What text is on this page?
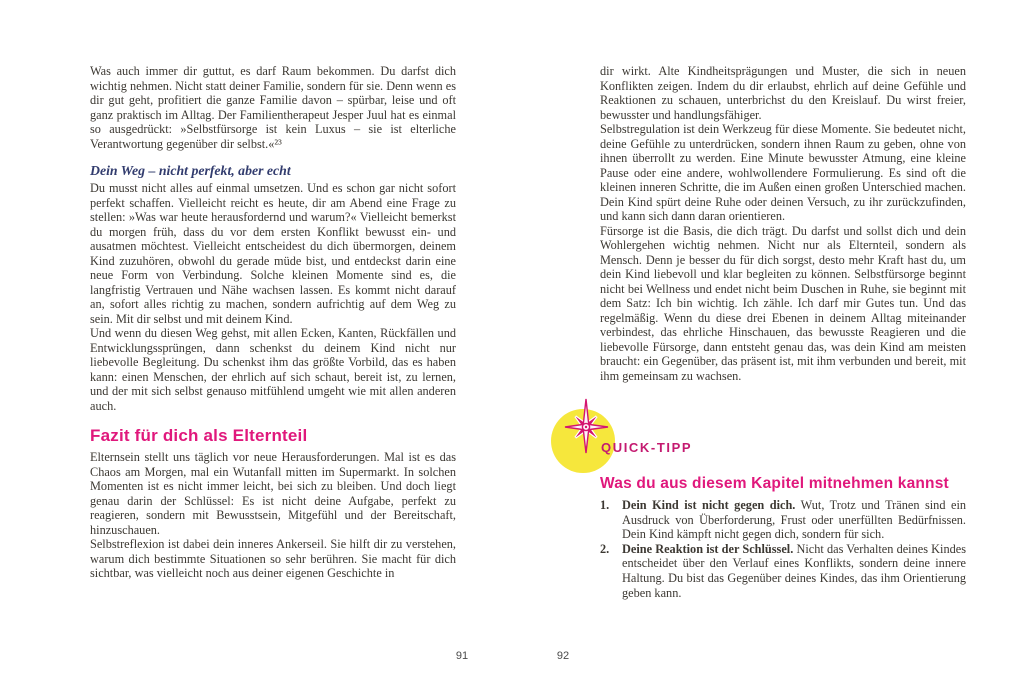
Was auch immer dir guttut, es darf Raum bekommen. Du darfst dich wichtig nehmen. Nicht statt deiner Familie, sondern für sie. Denn wenn es dir gut geht, profitiert die ganze Familie davon – spürbar, leise und oft ganz praktisch im Alltag. Der Familientherapeut Jesper Juul hat es einmal so ausgedrückt: »Selbstfürsorge ist kein Luxus – sie ist elterliche Verantwortung gegenüber dir selbst.«²³

Dein Weg – nicht perfekt, aber echt

Du musst nicht alles auf einmal umsetzen. Und es schon gar nicht sofort perfekt schaffen. Vielleicht reicht es heute, dir am Abend eine Frage zu stellen: »Was war heute herausfordernd und warum?« Vielleicht bemerkst du morgen früh, dass du vor dem ersten Konflikt bewusst ein- und ausatmen möchtest. Vielleicht entscheidest du dich übermorgen, deinem Kind zuzuhören, obwohl du gerade müde bist, und entdeckst darin eine neue Form von Verbindung. Solche kleinen Momente sind es, die langfristig Vertrauen und Nähe wachsen lassen. Es kommt nicht darauf an, sofort alles richtig zu machen, sondern aufrichtig auf dem Weg zu sein. Mit dir selbst und mit deinem Kind.

Und wenn du diesen Weg gehst, mit allen Ecken, Kanten, Rückfällen und Entwicklungssprüngen, dann schenkst du deinem Kind nicht nur liebevolle Begleitung. Du schenkst ihm das größte Vorbild, das es haben kann: einen Menschen, der ehrlich auf sich schaut, bereit ist, zu lernen, und der mit sich selbst genauso mitfühlend umgeht wie mit allen anderen auch.

Fazit für dich als Elternteil

Elternsein stellt uns täglich vor neue Herausforderungen. Mal ist es das Chaos am Morgen, mal ein Wutanfall mitten im Supermarkt. In solchen Momenten ist es nicht immer leicht, bei sich zu bleiben. Und doch liegt genau darin der Schlüssel: Es ist nicht deine Aufgabe, perfekt zu reagieren, sondern mit Bewusstsein, Mitgefühl und der Bereitschaft, hinzuschauen.

Selbstreflexion ist dabei dein inneres Ankerseil. Sie hilft dir zu verstehen, warum dich bestimmte Situationen so sehr berühren. Sie macht für dich sichtbar, was vielleicht noch aus deiner eigenen Geschichte in

dir wirkt. Alte Kindheitsprägungen und Muster, die sich in neuen Konflikten zeigen. Indem du dir erlaubst, ehrlich auf deine Gefühle und Reaktionen zu schauen, unterbrichst du den Kreislauf. Du wirst freier, bewusster und handlungsfähiger.

Selbstregulation ist dein Werkzeug für diese Momente. Sie bedeutet nicht, deine Gefühle zu unterdrücken, sondern ihnen Raum zu geben, ohne von ihnen überrollt zu werden. Eine Minute bewusster Atmung, eine kleine Pause oder eine andere, wohlwollendere Formulierung. Es sind oft die kleinen inneren Schritte, die im Außen einen großen Unterschied machen. Dein Kind spürt deine Ruhe oder deinen Versuch, zu ihr zurückzufinden, und kann sich dann daran orientieren.

Fürsorge ist die Basis, die dich trägt. Du darfst und sollst dich und dein Wohlergehen wichtig nehmen. Nicht nur als Elternteil, sondern als Mensch. Denn je besser du für dich sorgst, desto mehr Kraft hast du, um dein Kind liebevoll und klar begleiten zu können. Selbstfürsorge beginnt nicht bei Wellness und endet nicht beim Duschen in Ruhe, sie beginnt mit dem Satz: Ich bin wichtig. Ich zähle. Ich darf mir Gutes tun. Und das regelmäßig. Wenn du diese drei Ebenen in deinem Alltag miteinander verbindest, das ehrliche Hinschauen, das bewusste Reagieren und die liebevolle Fürsorge, dann entsteht genau das, was dein Kind am meisten braucht: ein Gegenüber, das präsent ist, mit ihm verbunden und bereit, mit ihm gemeinsam zu wachsen.

Was du aus diesem Kapitel mitnehmen kannst
1.	Dein Kind ist nicht gegen dich. Wut, Trotz und Tränen sind ein Ausdruck von Überforderung, Frust oder unerfüllten Bedürfnissen. Dein Kind kämpft nicht gegen dich, sondern für sich.
2.	Deine Reaktion ist der Schlüssel. Nicht das Verhalten deines Kindes entscheidet über den Verlauf eines Konflikts, sondern deine innere Haltung. Du bist das Gegenüber deines Kindes, das ihm Orientierung geben kann.
QUICK-TIPP
91	92
